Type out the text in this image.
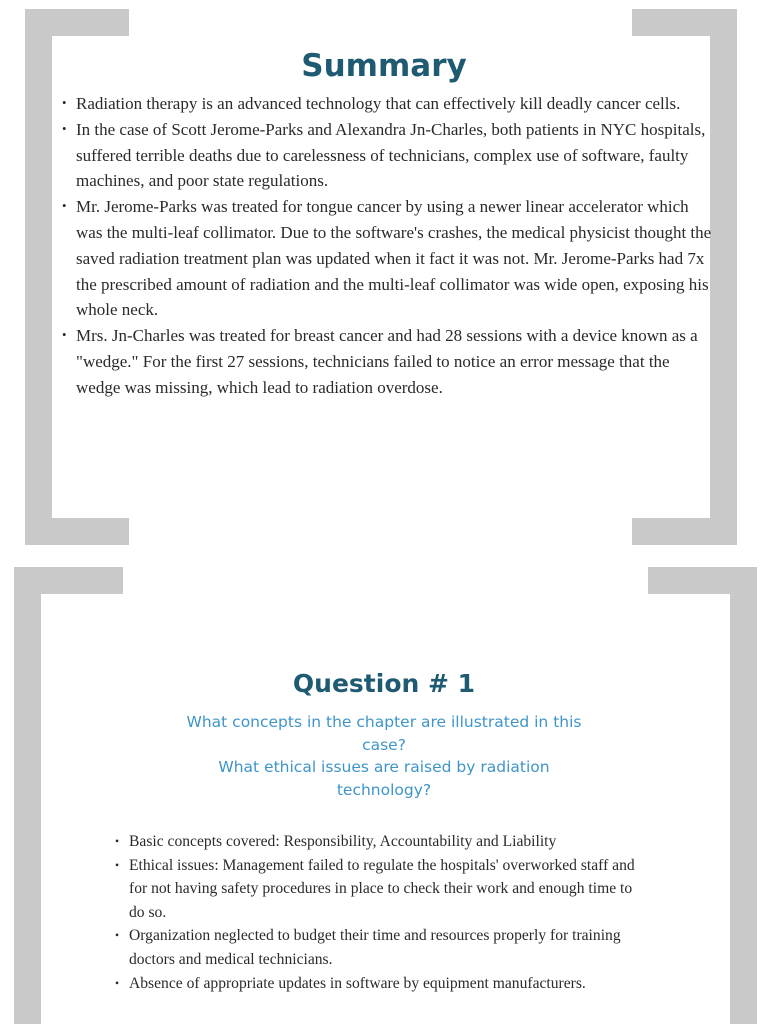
Summary
• Radiation therapy is an advanced technology that can effectively kill deadly cancer cells.
• In the case of Scott Jerome-Parks and Alexandra Jn-Charles, both patients in NYC hospitals, suffered terrible deaths due to carelessness of technicians, complex use of software, faulty machines, and poor state regulations.
• Mr. Jerome-Parks was treated for tongue cancer by using a newer linear accelerator which was the multi-leaf collimator. Due to the software's crashes, the medical physicist thought the saved radiation treatment plan was updated when it fact it was not. Mr. Jerome-Parks had 7x the prescribed amount of radiation and the multi-leaf collimator was wide open, exposing his whole neck.
• Mrs. Jn-Charles was treated for breast cancer and had 28 sessions with a device known as a "wedge." For the first 27 sessions, technicians failed to notice an error message that the wedge was missing, which lead to radiation overdose.
Question # 1

What concepts in the chapter are illustrated in this
case?
What ethical issues are raised by radiation
technology?

• Basic concepts covered: Responsibility, Accountability and Liability
• Ethical issues: Management failed to regulate the hospitals' overworked staff and for not having safety procedures in place to check their work and enough time to do so.
• Organization neglected to budget their time and resources properly for training doctors and medical technicians.
• Absence of appropriate updates in software by equipment manufacturers.
